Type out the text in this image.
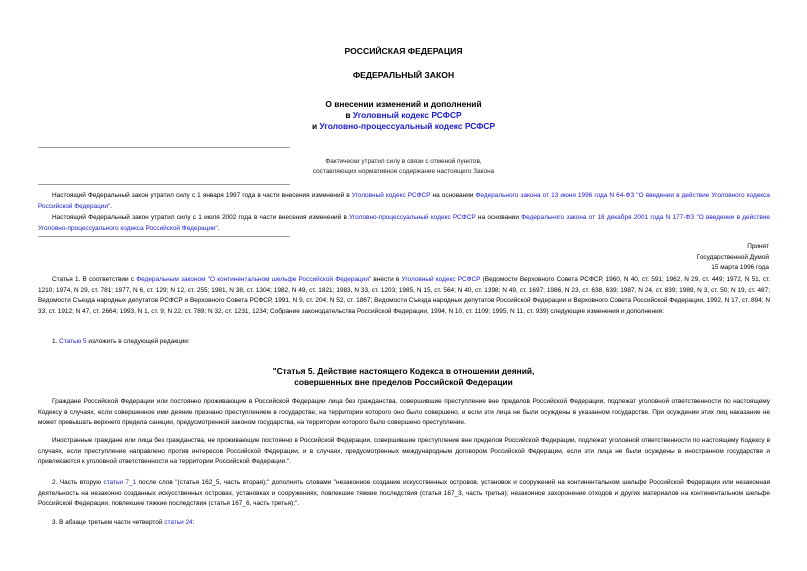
РОССИЙСКАЯ ФЕДЕРАЦИЯ
ФЕДЕРАЛЬНЫЙ ЗАКОН
О внесении изменений и дополнений
в Уголовный кодекс РСФСР
и Уголовно-процессуальный кодекс РСФСР
Фактически утратил силу в связи с отменой пунктов,
составляющих нормативное содержание настоящего Закона
Настоящий Федеральный закон утратил силу с 1 января 1997 года в части внесения изменений в Уголовный кодекс РСФСР на основании Федерального закона от 13 июня 1996 года N 64-ФЗ "О введении в действие Уголовного кодекса Российской Федерации".
Настоящий Федеральный закон утратил силу с 1 июля 2002 года в части внесения изменений в Уголовно-процессуальный кодекс РСФСР на основании Федерального закона от 18 декабря 2001 года N 177-ФЗ "О введении в действие Уголовно-процессуального кодекса Российской Федерации".
Принят
Государственной Думой
15 марта 1996 года
Статья 1. В соответствии с Федеральным законом "О континентальном шельфе Российской Федерации" внести в Уголовный кодекс РСФСР (Ведомости Верховного Совета РСФСР, 1960, N 40, ст. 591; 1962, N 29, ст. 449; 1972, N 51, ст. 1210; 1974, N 29, ст. 781; 1977, N 6, ст. 129; N 12, ст. 255; 1981, N 38, ст. 1304; 1982, N 49, ст. 1821; 1983, N 33, ст. 1203; 1985, N 15, ст. 564; N 40, ст. 1398; N 49, ст. 1697; 1986, N 23, ст. 638, 639; 1987, N 24, ст. 839; 1989, N 3, ст. 50; N 19, ст. 487; Ведомости Съезда народных депутатов РСФСР и Верховного Совета РСФСР, 1991, N 9, ст. 204; N 52, ст. 1867; Ведомости Съезда народных депутатов Российской Федерации и Верховного Совета Российской Федерации, 1992, N 17, ст. 894; N 33, ст. 1912; N 47, ст. 2664; 1993, N 1, ст. 9; N 22, ст. 789; N 32, ст. 1231, 1234; Собрание законодательства Российской Федерации, 1994, N 10, ст. 1109; 1995, N 11, ст. 939) следующие изменения и дополнения:
1. Статью 5 изложить в следующей редакции:
"Статья 5. Действие настоящего Кодекса в отношении деяний,
совершенных вне пределов Российской Федерации
Граждане Российской Федерации или постоянно проживающие в Российской Федерации лица без гражданства, совершившие преступление вне пределов Российской Федерации, подлежат уголовной ответственности по настоящему Кодексу в случаях, если совершенное ими деяние признано преступлением в государстве, на территории которого оно было совершено, и если эти лица не были осуждены в указанном государстве. При осуждении этих лиц наказание не может превышать верхнего предела санкции, предусмотренной законом государства, на территории которого было совершено преступление.
Иностранные граждане или лица без гражданства, не проживающие постоянно в Российской Федерации, совершившие преступление вне пределов Российской Федерации, подлежат уголовной ответственности по настоящему Кодексу в случаях, если преступление направлено против интересов Российской Федерации, и в случаях, предусмотренных международным договором Российской Федерации, если эти лица не были осуждены в иностранном государстве и привлекаются к уголовной ответственности на территории Российской Федерации.".
2. Часть вторую статьи 7_1 после слов "(статья 162_5, часть вторая);" дополнить словами "незаконное создание искусственных островов, установок и сооружений на континентальном шельфе Российской Федерации или незаконная деятельность на незаконно созданных искусственных островах, установках и сооружениях, повлекшие тяжкие последствия (статья 167_3, часть третья); незаконное захоронение отходов и других материалов на континентальном шельфе Российской Федерации, повлекшее тяжкие последствия (статья 167_6, часть третья);".
3. В абзаце третьем части четвертой статьи 24:
